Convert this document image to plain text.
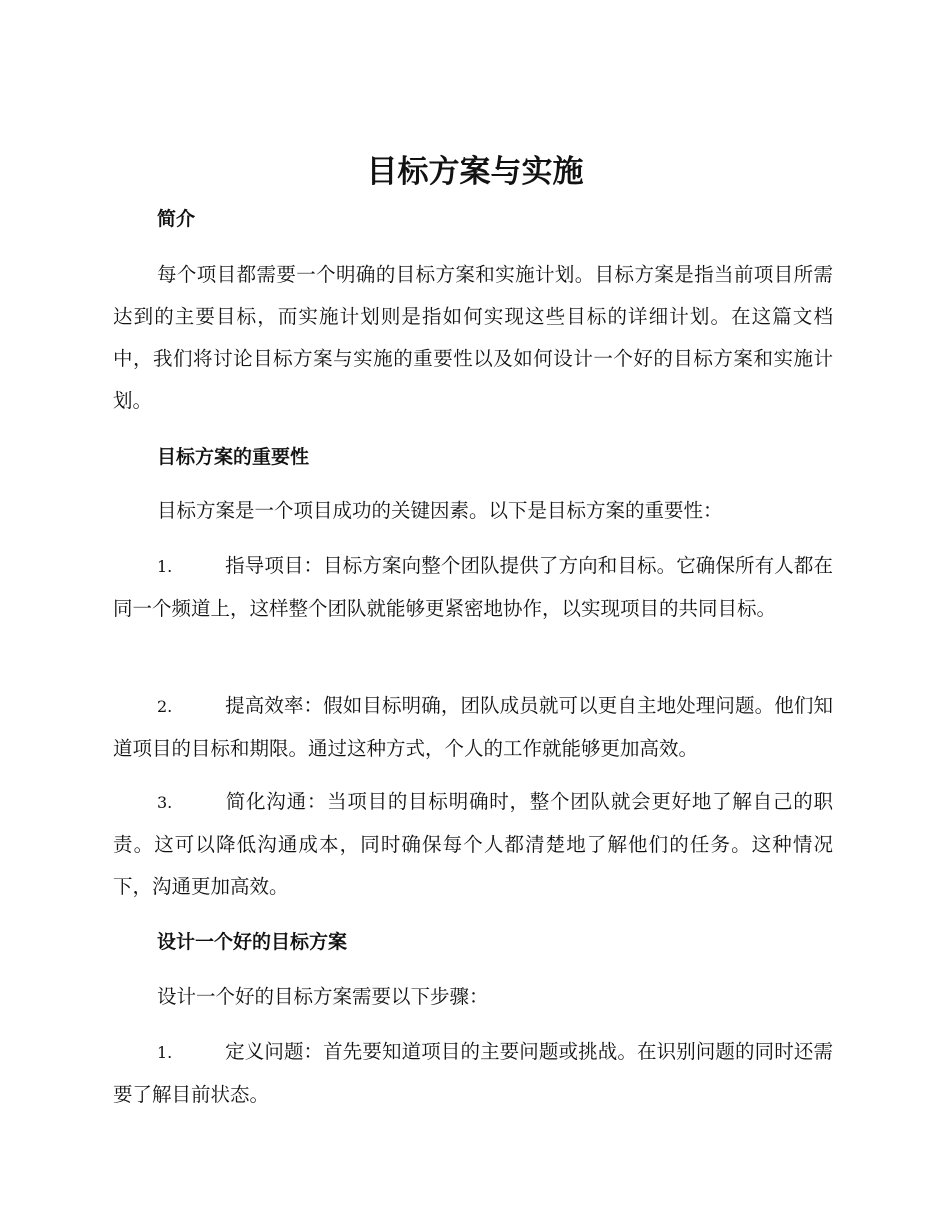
目标方案与实施
简介

每个项目都需要一个明确的目标方案和实施计划。目标方案是指当前项目所需达到的主要目标，而实施计划则是指如何实现这些目标的详细计划。在这篇文档中，我们将讨论目标方案与实施的重要性以及如何设计一个好的目标方案和实施计划。

目标方案的重要性

目标方案是一个项目成功的关键因素。以下是目标方案的重要性：

1.	指导项目：目标方案向整个团队提供了方向和目标。它确保所有人都在同一个频道上，这样整个团队就能够更紧密地协作，以实现项目的共同目标。

2.	提高效率：假如目标明确，团队成员就可以更自主地处理问题。他们知道项目的目标和期限。通过这种方式，个人的工作就能够更加高效。

3.	简化沟通：当项目的目标明确时，整个团队就会更好地了解自己的职责。这可以降低沟通成本，同时确保每个人都清楚地了解他们的任务。这种情况下，沟通更加高效。

设计一个好的目标方案

设计一个好的目标方案需要以下步骤：

1.	定义问题：首先要知道项目的主要问题或挑战。在识别问题的同时还需要了解目前状态。
